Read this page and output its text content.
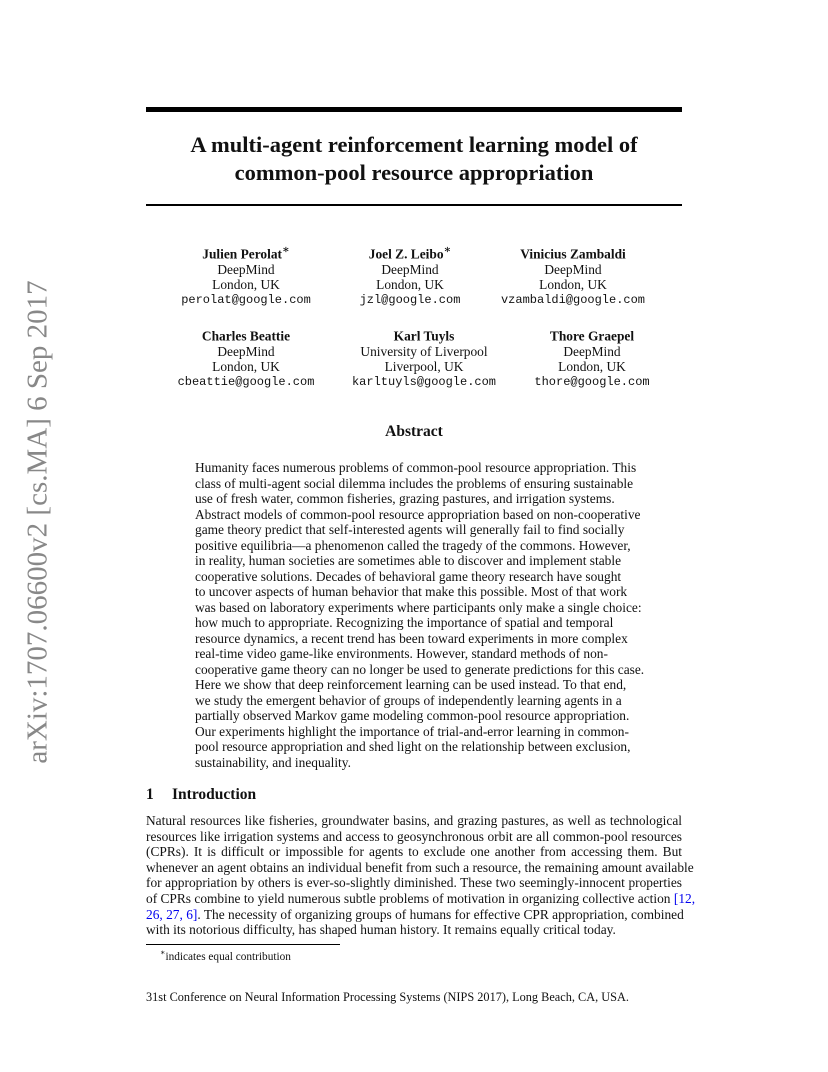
A multi-agent reinforcement learning model of
common-pool resource appropriation
arXiv:1707.06600v2 [cs.MA] 6 Sep 2017
Julien Perolat∗
DeepMind
London, UK
perolat@google.com
Joel Z. Leibo∗
DeepMind
London, UK
jzl@google.com
Vinicius Zambaldi
DeepMind
London, UK
vzambaldi@google.com
Charles Beattie
DeepMind
London, UK
cbeattie@google.com
Karl Tuyls
University of Liverpool
Liverpool, UK
karltuyls@google.com
Thore Graepel
DeepMind
London, UK
thore@google.com
Abstract
Humanity faces numerous problems of common-pool resource appropriation. This
class of multi-agent social dilemma includes the problems of ensuring sustainable
use of fresh water, common fisheries, grazing pastures, and irrigation systems.
Abstract models of common-pool resource appropriation based on non-cooperative
game theory predict that self-interested agents will generally fail to find socially
positive equilibria—a phenomenon called the tragedy of the commons. However,
in reality, human societies are sometimes able to discover and implement stable
cooperative solutions. Decades of behavioral game theory research have sought
to uncover aspects of human behavior that make this possible. Most of that work
was based on laboratory experiments where participants only make a single choice:
how much to appropriate. Recognizing the importance of spatial and temporal
resource dynamics, a recent trend has been toward experiments in more complex
real-time video game-like environments. However, standard methods of non-
cooperative game theory can no longer be used to generate predictions for this case.
Here we show that deep reinforcement learning can be used instead. To that end,
we study the emergent behavior of groups of independently learning agents in a
partially observed Markov game modeling common-pool resource appropriation.
Our experiments highlight the importance of trial-and-error learning in common-
pool resource appropriation and shed light on the relationship between exclusion,
sustainability, and inequality.
1 Introduction
Natural resources like fisheries, groundwater basins, and grazing pastures, as well as technological
resources like irrigation systems and access to geosynchronous orbit are all common-pool resources
(CPRs). It is difficult or impossible for agents to exclude one another from accessing them. But
whenever an agent obtains an individual benefit from such a resource, the remaining amount available
for appropriation by others is ever-so-slightly diminished. These two seemingly-innocent properties
of CPRs combine to yield numerous subtle problems of motivation in organizing collective action [12,
26, 27, 6]. The necessity of organizing groups of humans for effective CPR appropriation, combined
with its notorious difficulty, has shaped human history. It remains equally critical today.
∗indicates equal contribution
31st Conference on Neural Information Processing Systems (NIPS 2017), Long Beach, CA, USA.
